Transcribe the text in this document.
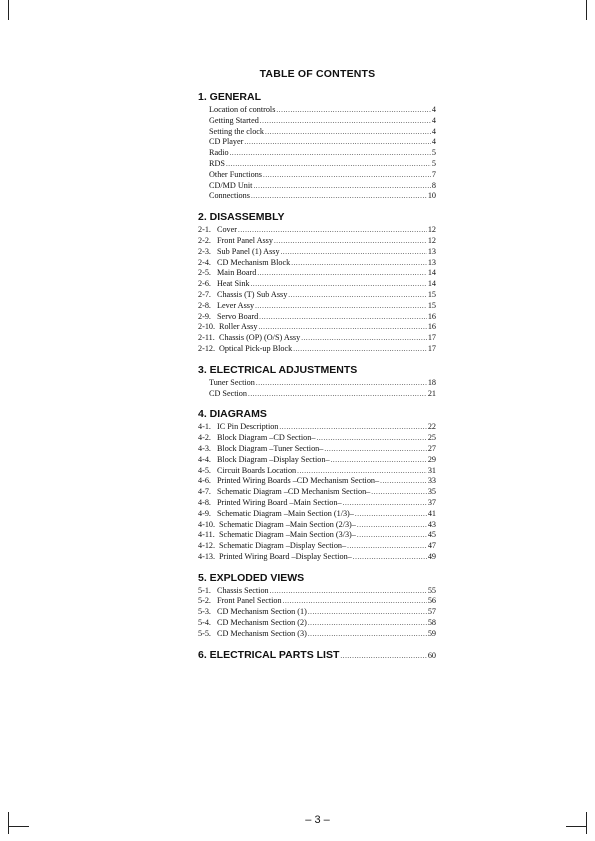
TABLE OF CONTENTS
1. GENERAL
Location of controls .....	4
Getting Started .....	4
Setting the clock .....	4
CD Player .....	4
Radio .....	5
RDS .....	5
Other Functions .....	7
CD/MD Unit .....	8
Connections .....	10
2. DISASSEMBLY
2-1. Cover .....	12
2-2. Front Panel Assy .....	12
2-3. Sub Panel (1) Assy .....	13
2-4. CD Mechanism Block .....	13
2-5. Main Board .....	14
2-6. Heat Sink .....	14
2-7. Chassis (T) Sub Assy .....	15
2-8. Lever Assy .....	15
2-9. Servo Board .....	16
2-10. Roller Assy .....	16
2-11. Chassis (OP) (O/S) Assy .....	17
2-12. Optical Pick-up Block .....	17
3. ELECTRICAL ADJUSTMENTS
Tuner Section .....	18
CD Section .....	21
4. DIAGRAMS
4-1. IC Pin Description .....	22
4-2. Block Diagram –CD Section– .....	25
4-3. Block Diagram –Tuner Section– .....	27
4-4. Block Diagram –Display Section– .....	29
4-5. Circuit Boards Location .....	31
4-6. Printed Wiring Boards –CD Mechanism Section– .....	33
4-7. Schematic Diagram –CD Mechanism Section– .....	35
4-8. Printed Wiring Board –Main Section– .....	37
4-9. Schematic Diagram –Main Section (1/3)– .....	41
4-10. Schematic Diagram –Main Section (2/3)– .....	43
4-11. Schematic Diagram –Main Section (3/3)– .....	45
4-12. Schematic Diagram –Display Section– .....	47
4-13. Printed Wiring Board –Display Section– .....	49
5. EXPLODED VIEWS
5-1. Chassis Section .....	55
5-2. Front Panel Section .....	56
5-3. CD Mechanism Section (1) .....	57
5-4. CD Mechanism Section (2) .....	58
5-5. CD Mechanism Section (3) .....	59
6. ELECTRICAL PARTS LIST .....	60
– 3 –
